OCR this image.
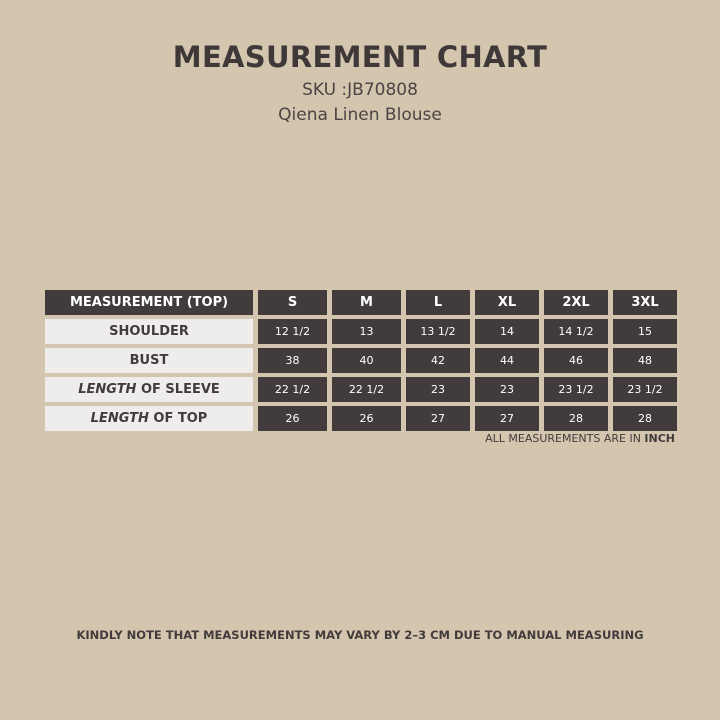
MEASUREMENT CHART
SKU :JB70808
Qiena Linen Blouse
MEASUREMENT (TOP)	S	M	L	XL	2XL	3XL
SHOULDER	12 1/2	13	13 1/2	14	14 1/2	15
BUST	38	40	42	44	46	48
LENGTH OF SLEEVE	22 1/2	22 1/2	23	23	23 1/2	23 1/2
LENGTH OF TOP	26	26	27	27	28	28
ALL MEASUREMENTS ARE IN INCH
KINDLY NOTE THAT MEASUREMENTS MAY VARY BY 2–3 CM DUE TO MANUAL MEASURING
